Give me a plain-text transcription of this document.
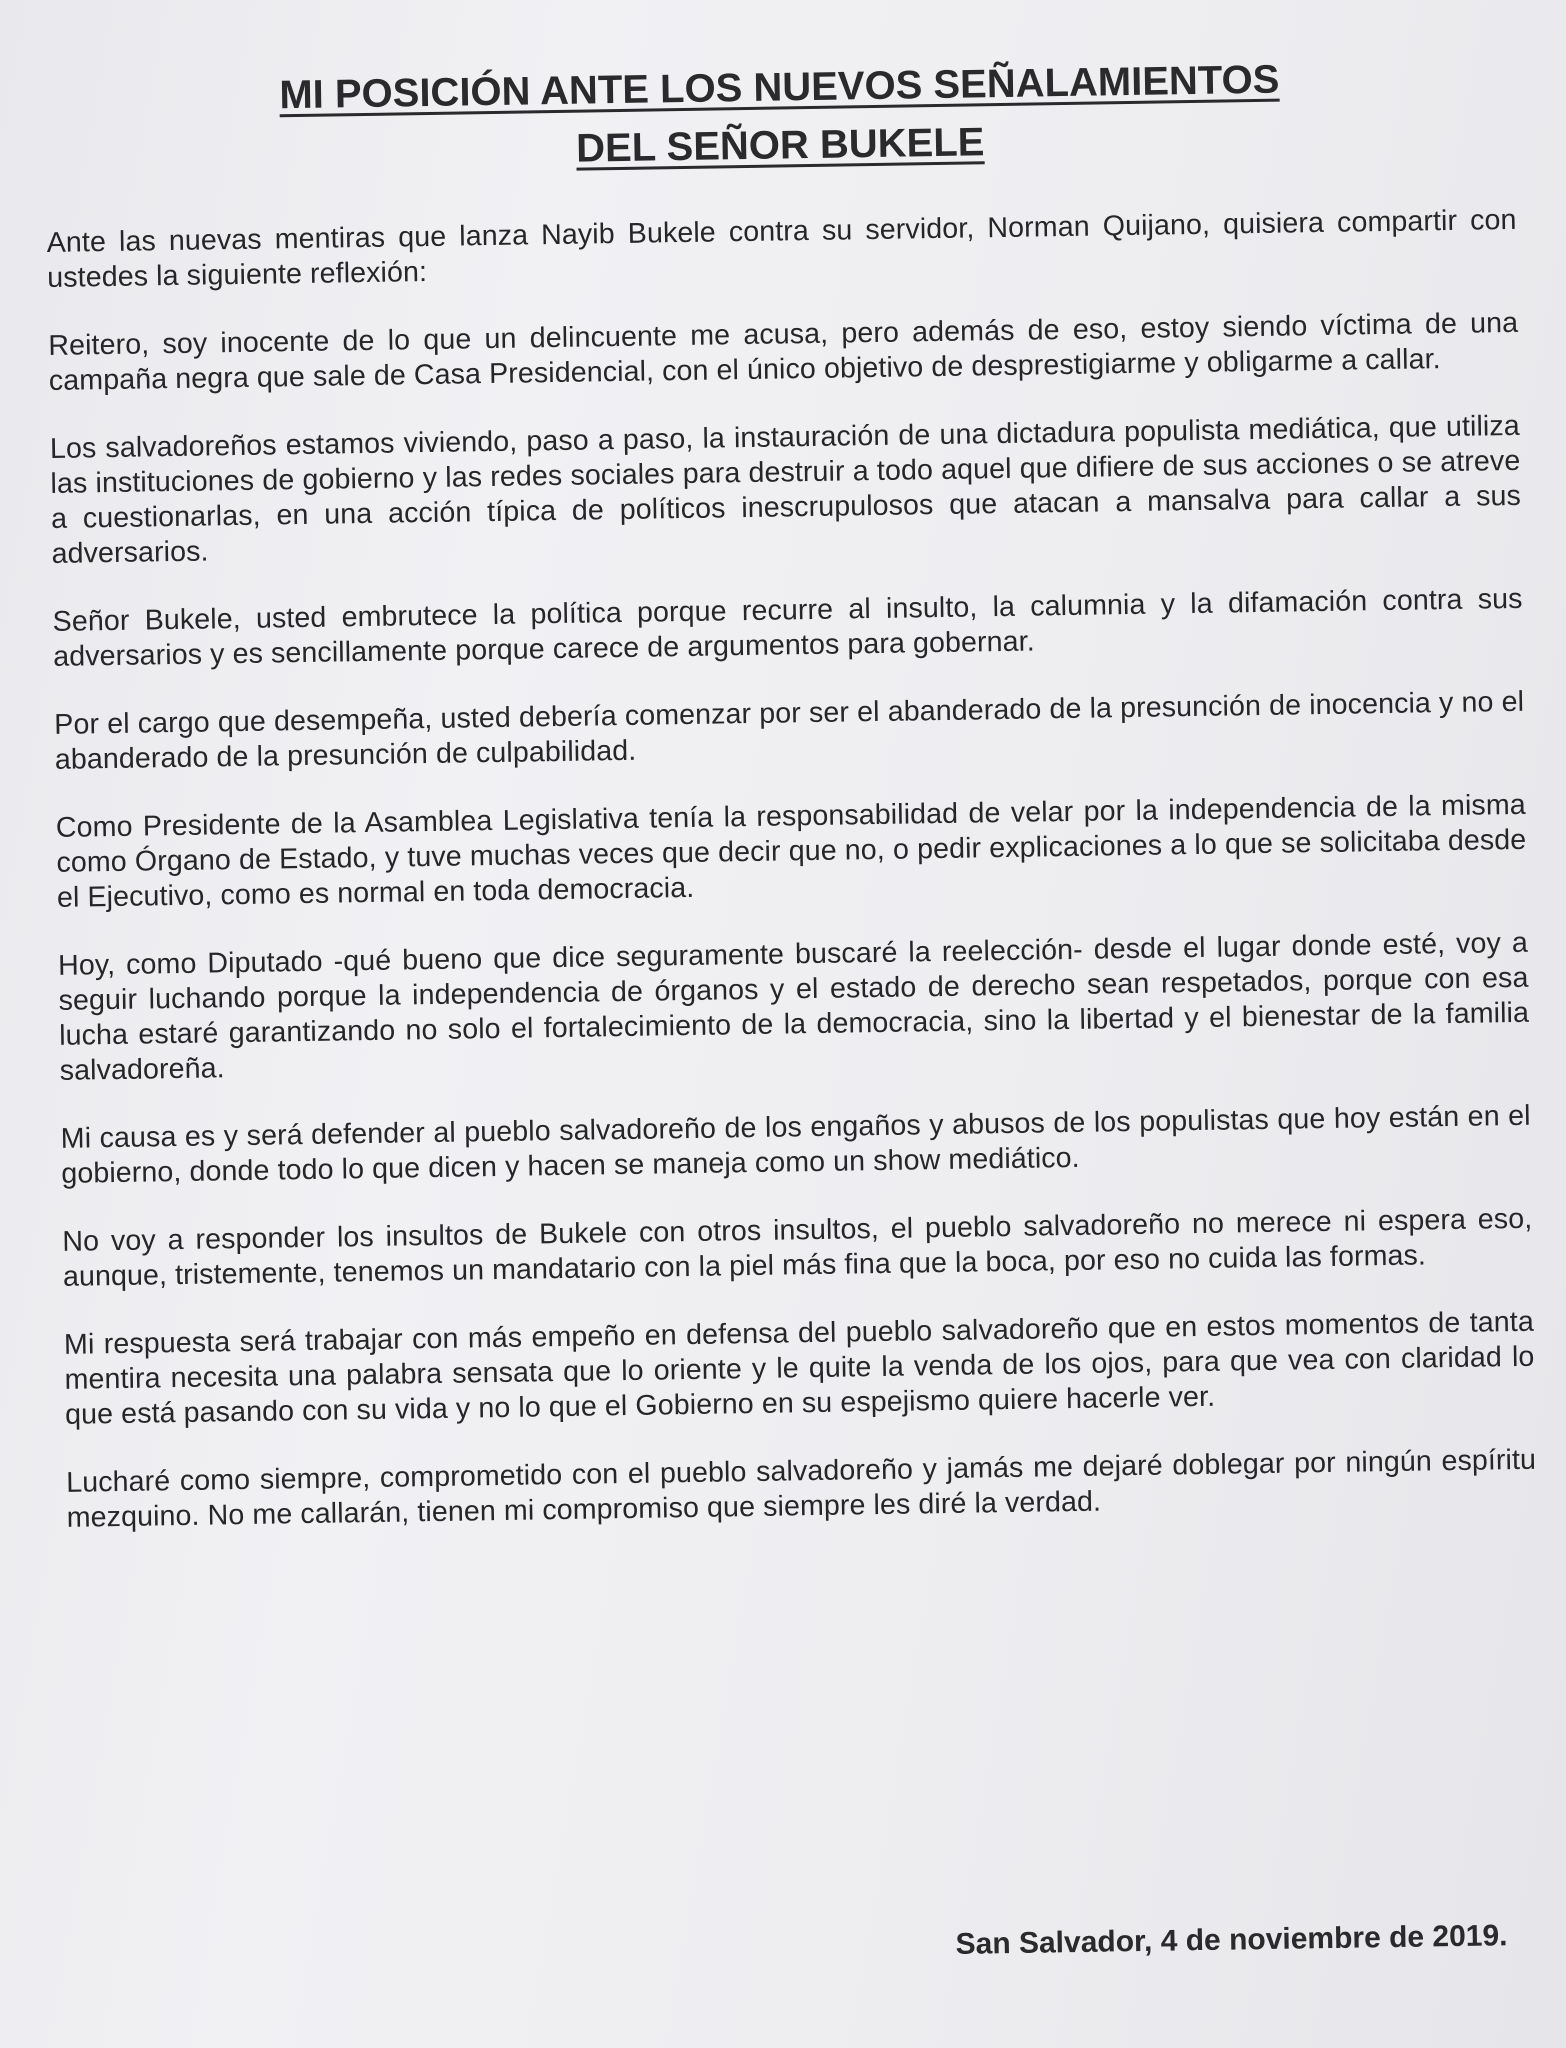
MI POSICIÓN ANTE LOS NUEVOS SEÑALAMIENTOS
DEL SEÑOR BUKELE

Ante las nuevas mentiras que lanza Nayib Bukele contra su servidor, Norman Quijano, quisiera compartir con ustedes la siguiente reflexión:

Reitero, soy inocente de lo que un delincuente me acusa, pero además de eso, estoy siendo víctima de una campaña negra que sale de Casa Presidencial, con el único objetivo de desprestigiarme y obligarme a callar.

Los salvadoreños estamos viviendo, paso a paso, la instauración de una dictadura populista mediática, que utiliza las instituciones de gobierno y las redes sociales para destruir a todo aquel que difiere de sus acciones o se atreve a cuestionarlas, en una acción típica de políticos inescrupulosos que atacan a mansalva para callar a sus adversarios.

Señor Bukele, usted embrutece la política porque recurre al insulto, la calumnia y la difamación contra sus adversarios y es sencillamente porque carece de argumentos para gobernar.

Por el cargo que desempeña, usted debería comenzar por ser el abanderado de la presunción de inocencia y no el abanderado de la presunción de culpabilidad.

Como Presidente de la Asamblea Legislativa tenía la responsabilidad de velar por la independencia de la misma como Órgano de Estado, y tuve muchas veces que decir que no, o pedir explicaciones a lo que se solicitaba desde el Ejecutivo, como es normal en toda democracia.

Hoy, como Diputado -qué bueno que dice seguramente buscaré la reelección- desde el lugar donde esté, voy a seguir luchando porque la independencia de órganos y el estado de derecho sean respetados, porque con esa lucha estaré garantizando no solo el fortalecimiento de la democracia, sino la libertad y el bienestar de la familia salvadoreña.

Mi causa es y será defender al pueblo salvadoreño de los engaños y abusos de los populistas que hoy están en el gobierno, donde todo lo que dicen y hacen se maneja como un show mediático.

No voy a responder los insultos de Bukele con otros insultos, el pueblo salvadoreño no merece ni espera eso, aunque, tristemente, tenemos un mandatario con la piel más fina que la boca, por eso no cuida las formas.

Mi respuesta será trabajar con más empeño en defensa del pueblo salvadoreño que en estos momentos de tanta mentira necesita una palabra sensata que lo oriente y le quite la venda de los ojos, para que vea con claridad lo que está pasando con su vida y no lo que el Gobierno en su espejismo quiere hacerle ver.

Lucharé como siempre, comprometido con el pueblo salvadoreño y jamás me dejaré doblegar por ningún espíritu mezquino. No me callarán, tienen mi compromiso que siempre les diré la verdad.

San Salvador, 4 de noviembre de 2019.
